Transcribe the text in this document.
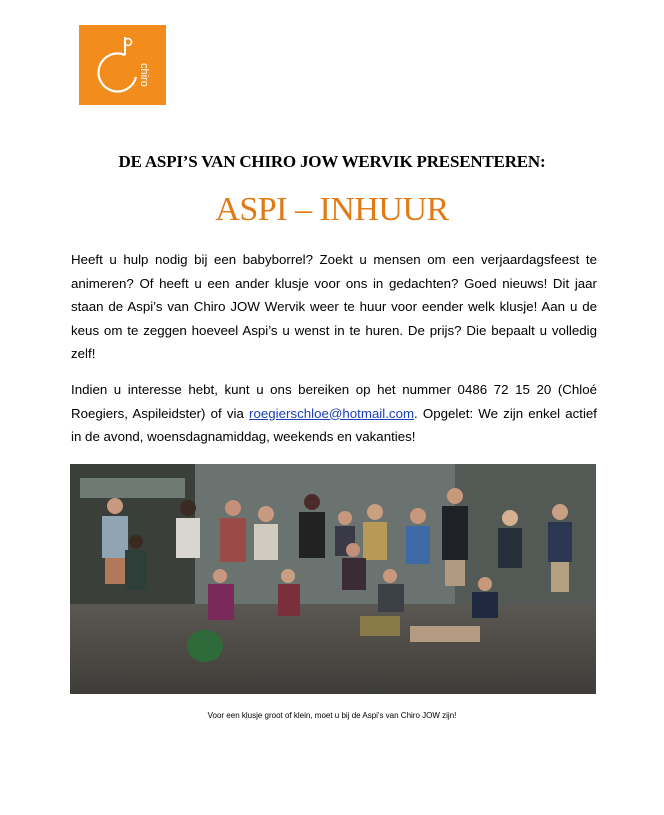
chiro
DE ASPI’S VAN CHIRO JOW WERVIK PRESENTEREN:
ASPI – INHUUR

Heeft u hulp nodig bij een babyborrel? Zoekt u mensen om een verjaardagsfeest te animeren? Of heeft u een ander klusje voor ons in gedachten? Goed nieuws! Dit jaar staan de Aspi’s van Chiro JOW Wervik weer te huur voor eender welk klusje! Aan u de keus om te zeggen hoeveel Aspi’s u wenst in te huren. De prijs? Die bepaalt u volledig zelf!

Indien u interesse hebt, kunt u ons bereiken op het nummer 0486 72 15 20 (Chloé Roegiers, Aspileidster) of via roegierschloe@hotmail.com. Opgelet: We zijn enkel actief in de avond, woensdagnamiddag, weekends en vakanties!

Voor een klusje groot of klein, moet u bij de Aspi's van Chiro JOW zijn!
